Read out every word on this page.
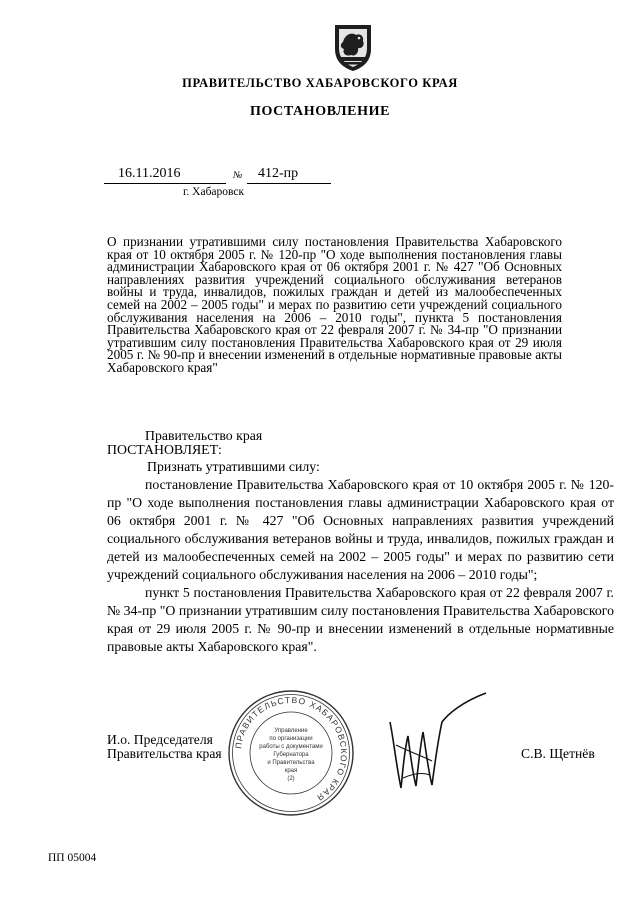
ПРАВИТЕЛЬСТВО ХАБАРОВСКОГО КРАЯ
ПОСТАНОВЛЕНИЕ
16.11.2016	№ 412-пр
г. Хабаровск
О признании утратившими силу постановления Правительства Хабаровского края от 10 октября 2005 г. № 120-пр "О ходе выполнения постановления главы администрации Хабаровского края от 06 октября 2001 г. № 427 "Об Основных направлениях развития учреждений социального обслуживания ветеранов войны и труда, инвалидов, пожилых граждан и детей из малообеспеченных семей на 2002 – 2005 годы" и мерах по развитию сети учреждений социального обслуживания населения на 2006 – 2010 годы", пункта 5 постановления Правительства Хабаровского края от 22 февраля 2007 г. № 34-пр "О признании утратившим силу постановления Правительства Хабаровского края от 29 июля 2005 г. № 90-пр и внесении изменений в отдельные нормативные правовые акты Хабаровского края"
Правительство края
ПОСТАНОВЛЯЕТ:

Признать утратившими силу:

постановление Правительства Хабаровского края от 10 октября 2005 г. № 120-пр "О ходе выполнения постановления главы администрации Хабаровского края от 06 октября 2001 г. № 427 "Об Основных направлениях развития учреждений социального обслуживания ветеранов войны и труда, инвалидов, пожилых граждан и детей из малообеспеченных семей на 2002 – 2005 годы" и мерах по развитию сети учреждений социального обслуживания населения на 2006 – 2010 годы";

пункт 5 постановления Правительства Хабаровского края от 22 февраля 2007 г. № 34-пр "О признании утратившим силу постановления Правительства Хабаровского края от 29 июля 2005 г. № 90-пр и внесении изменений в отдельные нормативные правовые акты Хабаровского края".

И.о. Председателя
Правительства края	С.В. Щетнёв
ПРАВИТЕЛЬСТВО ХАБАРОВСКОГО КРАЯ
Управление
по организации
работы с документами
Губернатора
и Правительства
края
(2)
ПП 05004
